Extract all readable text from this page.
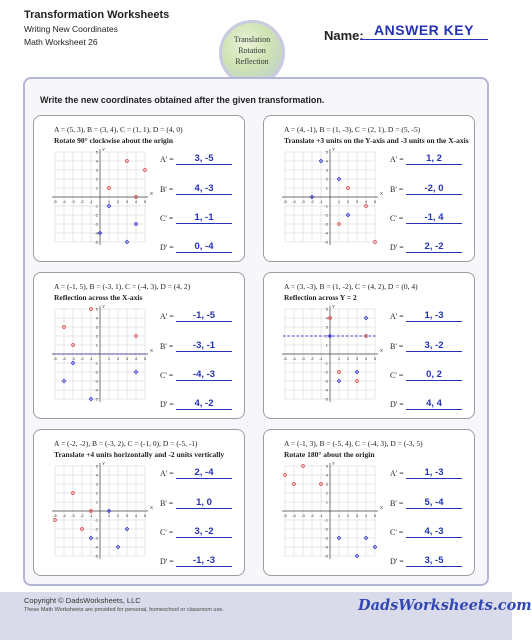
Transformation Worksheets
Writing New Coordinates
Math Worksheet 26	Translation
Rotation
Reflection
Name: ANSWER KEY
Write the new coordinates obtained after the given transformation.
A = (5, 3), B = (3, 4), C = (1, 1), D = (4, 0)
Rotate 90° clockwise about the origin
X
Y
-5 -4 -3 -2 -1	1 2 3 4 5
5
4
3
2
1
-1
-2
-3
-4
-5
A' =	3, -5
B' =	4, -3
C' =	1, -1
D' =	0, -4
A = (4, -1), B = (1, -3), C = (2, 1), D = (5, -5)
Translate +3 units on the Y-axis and -3 units on the X-axis
X
Y
-5 -4 -3 -2 -1	1 2 3 4 5
5
4
3
2
1
-1
-2
-3
-4
-5
A' =	1, 2
B' =	-2, 0
C' =	-1, 4
D' =	2, -2
A = (-1, 5), B = (-3, 1), C = (-4, 3), D = (4, 2)
Reflection across the X-axis
X
Y
-5 -4 -3 -2 -1	1 2 3 4 5
5
4
3
2
1
-1
-2
-3
-4
-5
A' =	-1, -5
B' =	-3, -1
C' =	-4, -3
D' =	4, -2
A = (3, -3), B = (1, -2), C = (4, 2), D = (0, 4)
Reflection across Y = 2
X
Y
-5 -4 -3 -2 -1	1 2 3 4 5
5
4
3
2
1
-1
-2
-3
-4
-5
A' =	1, -3
B' =	3, -2
C' =	0, 2
D' =	4, 4
A = (-2, -2), B = (-3, 2), C = (-1, 0), D = (-5, -1)
Translate +4 units horizontally and -2 units vertically
X
Y
-5 -4 -3 -2 -1	1 2 3 4 5
5
4
3
2
1
-1
-2
-3
-4
-5
A' =	2, -4
B' =	1, 0
C' =	3, -2
D' =	-1, -3
A = (-1, 3), B = (-5, 4), C = (-4, 3), D = (-3, 5)
Rotate 180° about the origin
X
Y
-5 -4 -3 -2 -1	1 2 3 4 5
5
4
3
2
1
-1
-2
-3
-4
-5
A' =	1, -3
B' =	5, -4
C' =	4, -3
D' =	3, -5
Copyright © DadsWorksheets, LLC
These Math Worksheets are provided for personal, homeschool or classroom use.	DadsWorksheets.com
